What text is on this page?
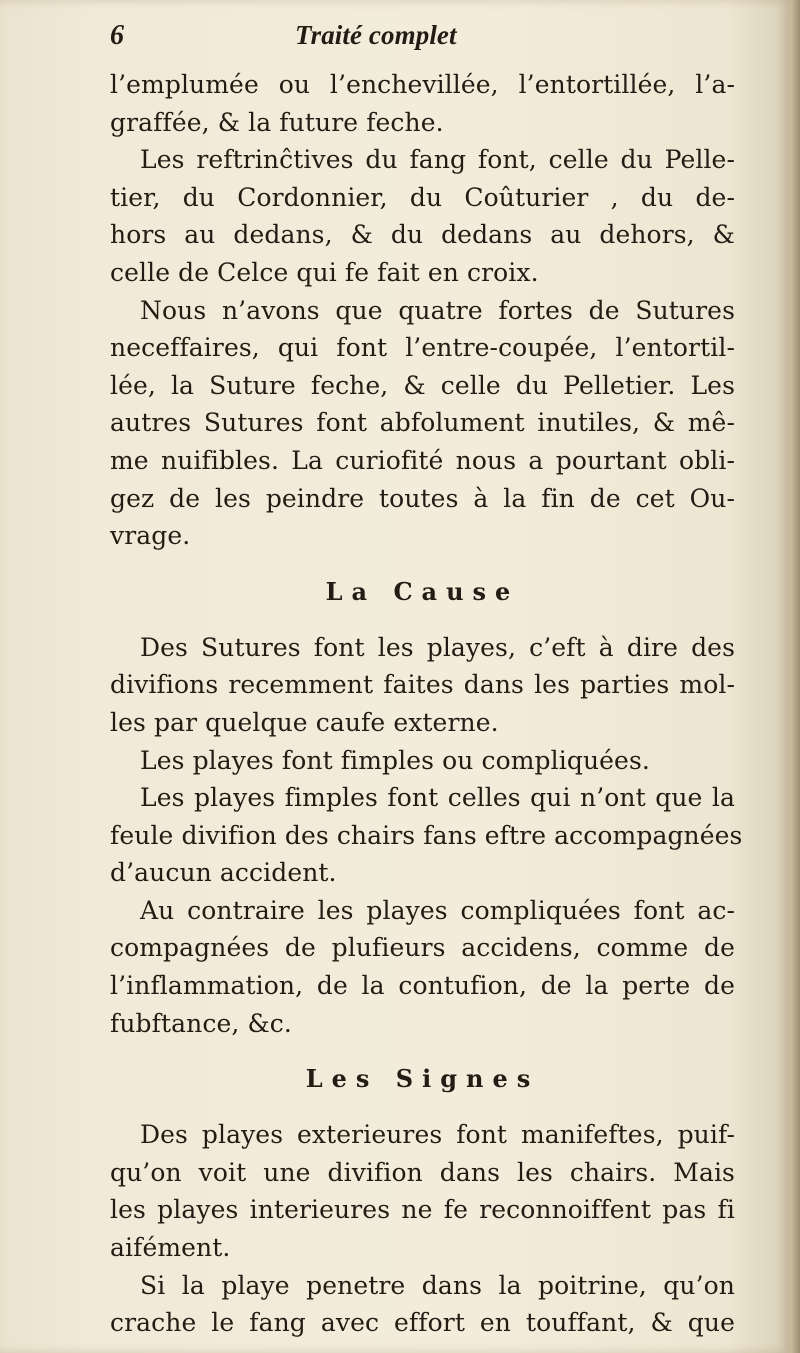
6	Traité complet

l’emplumée ou l’enchevillée, l’entortillée, l’a-
graffée, & la future feche.

Les reftrinĉtives du fang font, celle du Pelle-
tier, du Cordonnier, du Coûturier , du de-
hors au dedans, & du dedans au dehors, &
celle de Celce qui fe fait en croix.

Nous n’avons que quatre fortes de Sutures
neceffaires, qui font l’entre-coupée, l’entortil-
lée, la Suture feche, & celle du Pelletier. Les
autres Sutures font abfolument inutiles, & mê-
me nuifibles. La curiofité nous a pourtant obli-
gez de les peindre toutes à la fin de cet Ou-
vrage.

La Cause

Des Sutures font les playes, c’eft à dire des
divifions recemment faites dans les parties mol-
les par quelque caufe externe.

Les playes font fimples ou compliquées.

Les playes fimples font celles qui n’ont que la
feule divifion des chairs fans eftre accompagnées
d’aucun accident.

Au contraire les playes compliquées font ac-
compagnées de plufieurs accidens, comme de
l’inflammation, de la contufion, de la perte de
fubftance, &c.

Les Signes

Des playes exterieures font manifeftes, puif-
qu’on voit une divifion dans les chairs. Mais
les playes interieures ne fe reconnoiffent pas fi
aifément.

Si la playe penetre dans la poitrine, qu’on
crache le fang avec effort en touffant, & que
